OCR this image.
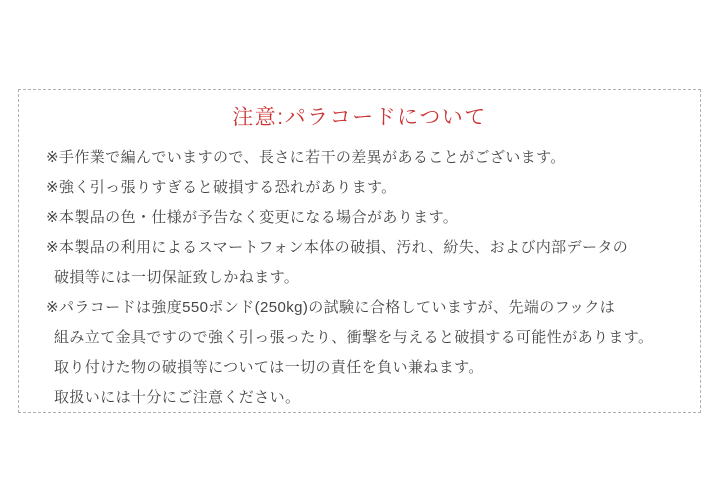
注意:パラコードについて

※手作業で編んでいますので、長さに若干の差異があることがございます。

※強く引っ張りすぎると破損する恐れがあります。

※本製品の色・仕様が予告なく変更になる場合があります。

※本製品の利用によるスマートフォン本体の破損、汚れ、紛失、および内部データの

破損等には一切保証致しかねます。

※パラコードは強度550ポンド(250kg)の試験に合格していますが、先端のフックは

組み立て金具ですので強く引っ張ったり、衝撃を与えると破損する可能性があります。

取り付けた物の破損等については一切の責任を負い兼ねます。

取扱いには十分にご注意ください。
